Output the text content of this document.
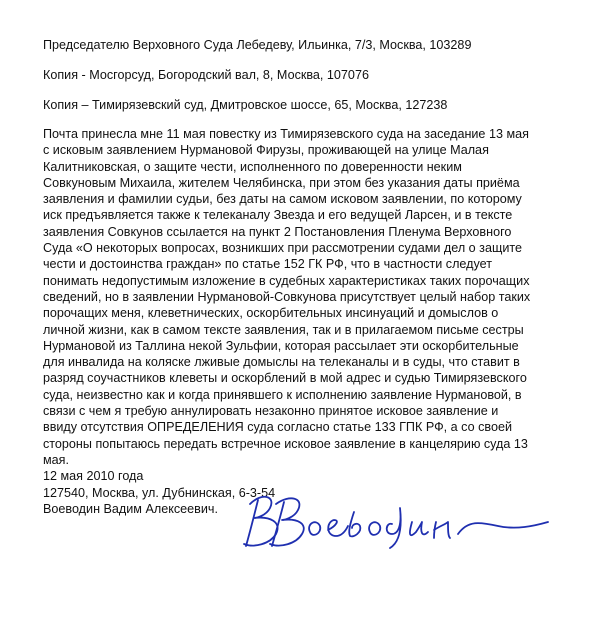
Председателю Верховного Суда Лебедеву, Ильинка, 7/3, Москва, 103289
Копия - Мосгорсуд, Богородский вал, 8, Москва, 107076
Копия – Тимирязевский суд, Дмитровское шоссе, 65, Москва, 127238
Почта принесла мне 11 мая повестку из Тимирязевского суда на заседание 13 мая
с исковым заявлением Нурмановой Фирузы, проживающей на улице Малая
Калитниковская, о защите чести, исполненного по доверенности неким
Совкуновым Михаила, жителем Челябинска, при этом без указания даты приёма
заявления и фамилии судьи, без даты на самом исковом заявлении, по которому
иск предъявляется также к телеканалу Звезда и его ведущей Ларсен, и в тексте
заявления Совкунов ссылается на пункт 2 Постановления Пленума Верховного
Суда «О некоторых вопросах, возникших при рассмотрении судами дел о защите
чести и достоинства граждан» по статье 152 ГК РФ, что в частности следует
понимать недопустимым изложение в судебных характеристиках таких порочащих
сведений, но в заявлении Нурмановой-Совкунова присутствует целый набор таких
порочащих меня, клеветнических, оскорбительных инсинуаций и домыслов о
личной жизни, как в самом тексте заявления, так и в прилагаемом письме сестры
Нурмановой из Таллина некой Зульфии, которая рассылает эти оскорбительные
для инвалида на коляске лживые домыслы на телеканалы и в суды, что ставит в
разряд соучастников клеветы и оскорблений в мой адрес и судью Тимирязевского
суда, неизвестно как и когда принявшего к исполнению заявление Нурмановой, в
связи с чем я требую аннулировать незаконно принятое исковое заявление и
ввиду отсутствия ОПРЕДЕЛЕНИЯ суда согласно статье 133 ГПК РФ, а со своей
стороны попытаюсь передать встречное исковое заявление в канцелярию суда 13
мая.
12 мая 2010 года
127540, Москва, ул. Дубнинская, 6-3-54
Воеводин Вадим Алексеевич.
